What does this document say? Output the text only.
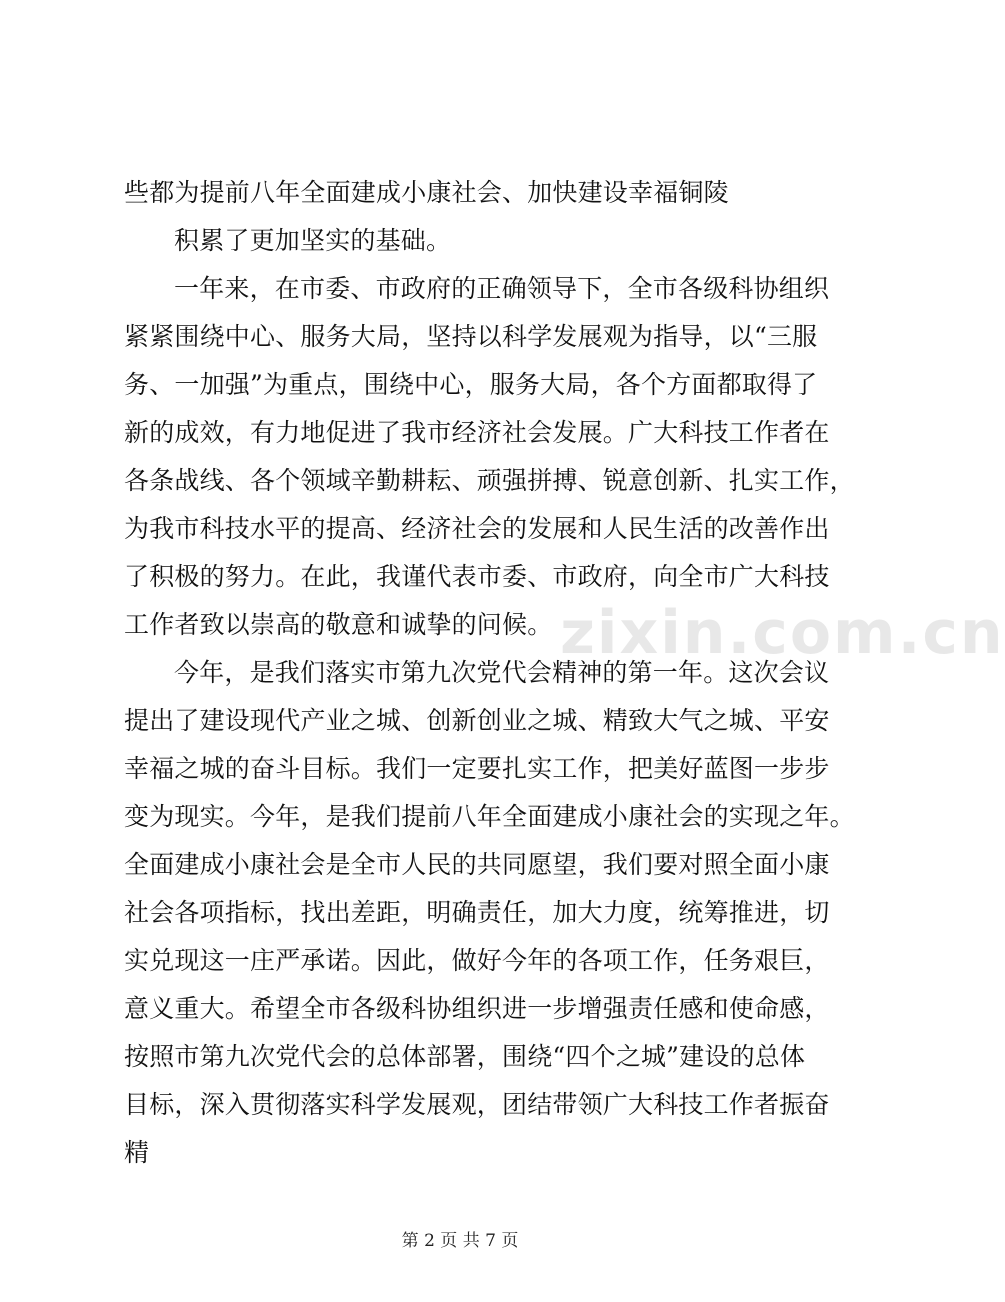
些都为提前八年全面建成小康社会、加快建设幸福铜陵
积累了更加坚实的基础。
一年来，在市委、市政府的正确领导下，全市各级科协组织
紧紧围绕中心、服务大局，坚持以科学发展观为指导，以“三服
务、一加强”为重点，围绕中心，服务大局，各个方面都取得了
新的成效，有力地促进了我市经济社会发展。广大科技工作者在
各条战线、各个领域辛勤耕耘、顽强拼搏、锐意创新、扎实工作，
为我市科技水平的提高、经济社会的发展和人民生活的改善作出
了积极的努力。在此，我谨代表市委、市政府，向全市广大科技
工作者致以崇高的敬意和诚挚的问候。
今年，是我们落实市第九次党代会精神的第一年。这次会议
提出了建设现代产业之城、创新创业之城、精致大气之城、平安
幸福之城的奋斗目标。我们一定要扎实工作，把美好蓝图一步步
变为现实。今年，是我们提前八年全面建成小康社会的实现之年。
全面建成小康社会是全市人民的共同愿望，我们要对照全面小康
社会各项指标，找出差距，明确责任，加大力度，统筹推进，切
实兑现这一庄严承诺。因此，做好今年的各项工作，任务艰巨，
意义重大。希望全市各级科协组织进一步增强责任感和使命感，
按照市第九次党代会的总体部署，围绕“四个之城”建设的总体
目标，深入贯彻落实科学发展观，团结带领广大科技工作者振奋
精
zixin.com.cn
第 2 页 共 7 页
